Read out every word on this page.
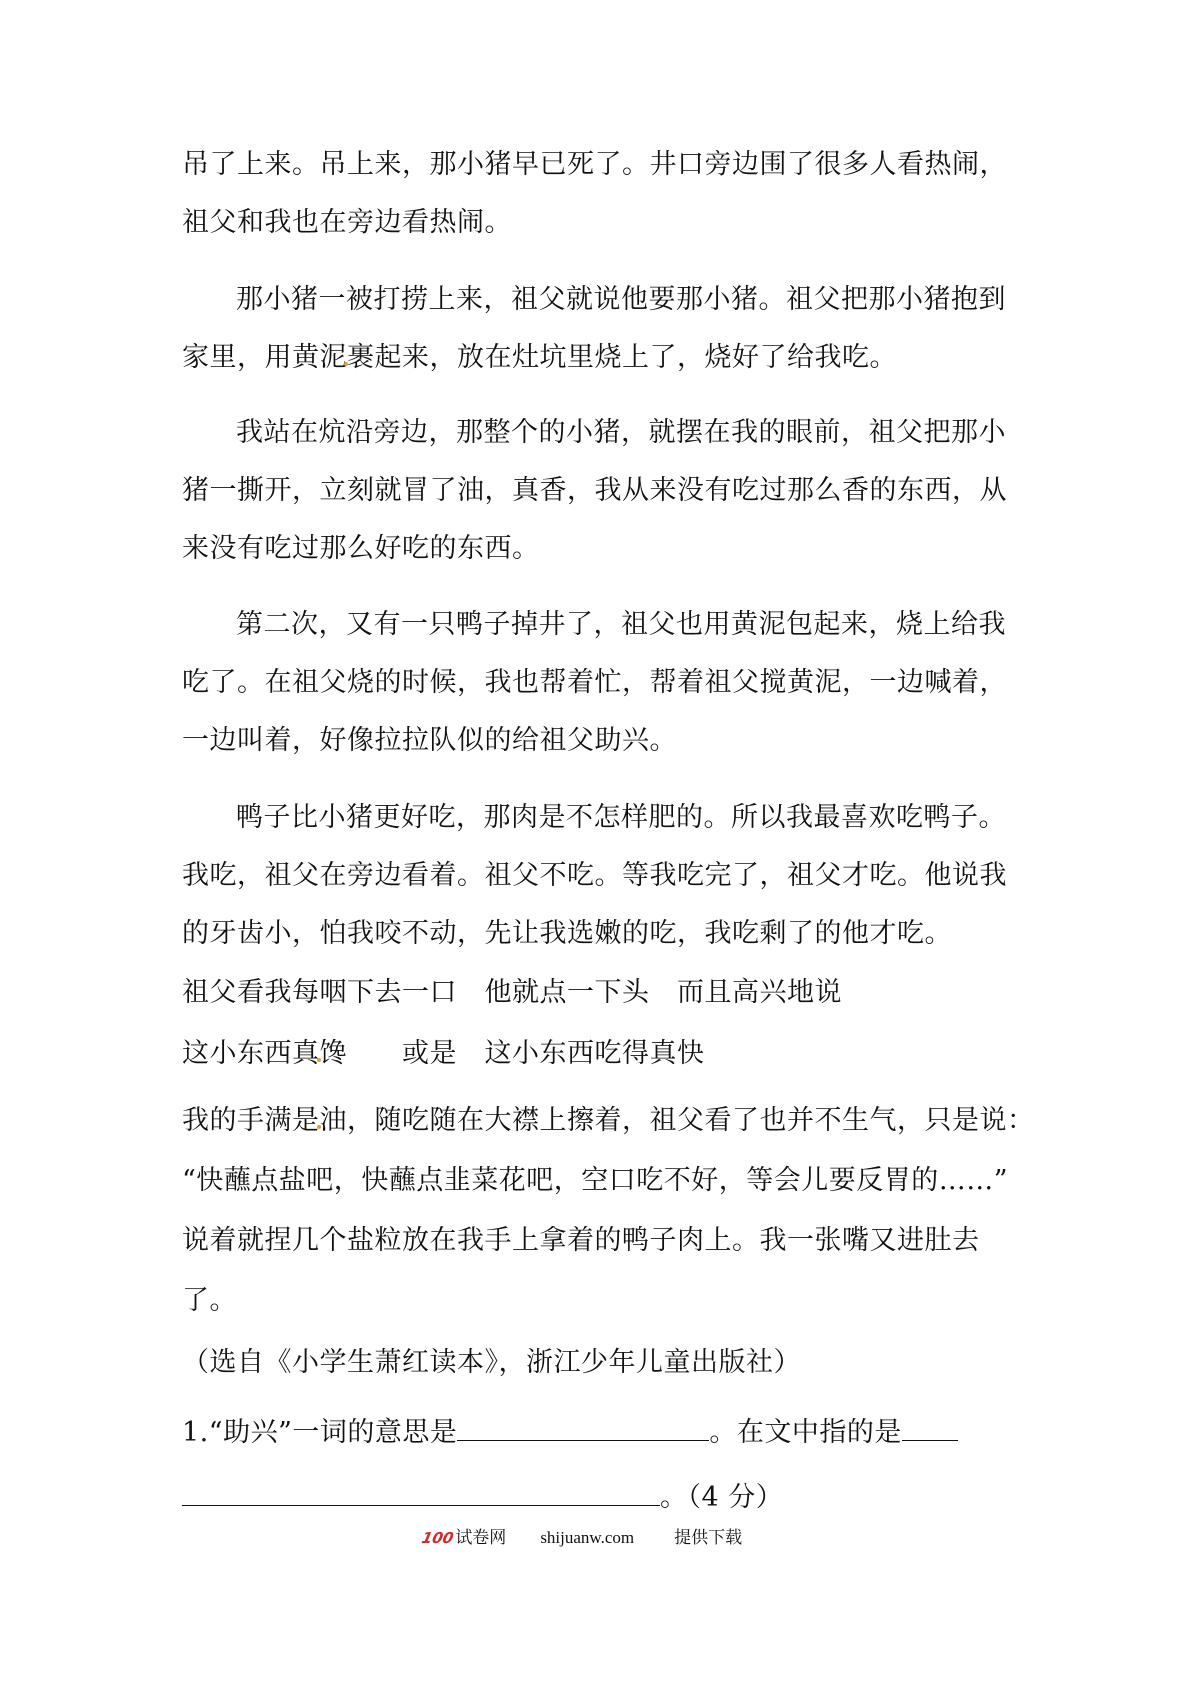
吊了上来。吊上来，那小猪早已死了。井口旁边围了很多人看热闹，
祖父和我也在旁边看热闹。
那小猪一被打捞上来，祖父就说他要那小猪。祖父把那小猪抱到
家里，用黄泥裹起来，放在灶坑里烧上了，烧好了给我吃。
我站在炕沿旁边，那整个的小猪，就摆在我的眼前，祖父把那小
猪一撕开，立刻就冒了油，真香，我从来没有吃过那么香的东西，从
来没有吃过那么好吃的东西。
第二次，又有一只鸭子掉井了，祖父也用黄泥包起来，烧上给我
吃了。在祖父烧的时候，我也帮着忙，帮着祖父搅黄泥，一边喊着，
一边叫着，好像拉拉队似的给祖父助兴。
鸭子比小猪更好吃，那肉是不怎样肥的。所以我最喜欢吃鸭子。
我吃，祖父在旁边看着。祖父不吃。等我吃完了，祖父才吃。他说我
的牙齿小，怕我咬不动，先让我选嫩的吃，我吃剩了的他才吃。
祖父看我每咽下去一口　他就点一下头　而且高兴地说
这小东西真馋　　或是　这小东西吃得真快
我的手满是油，随吃随在大襟上擦着，祖父看了也并不生气，只是说：
“快蘸点盐吧，快蘸点韭菜花吧，空口吃不好，等会儿要反胃的……”
说着就捏几个盐粒放在我手上拿着的鸭子肉上。我一张嘴又进肚去
了。
（选自《小学生萧红读本》，浙江少年儿童出版社）
1.“助兴”一词的意思是	。在文中指的是
。（4 分）
100试卷网 shijuanw.com 提供下载
